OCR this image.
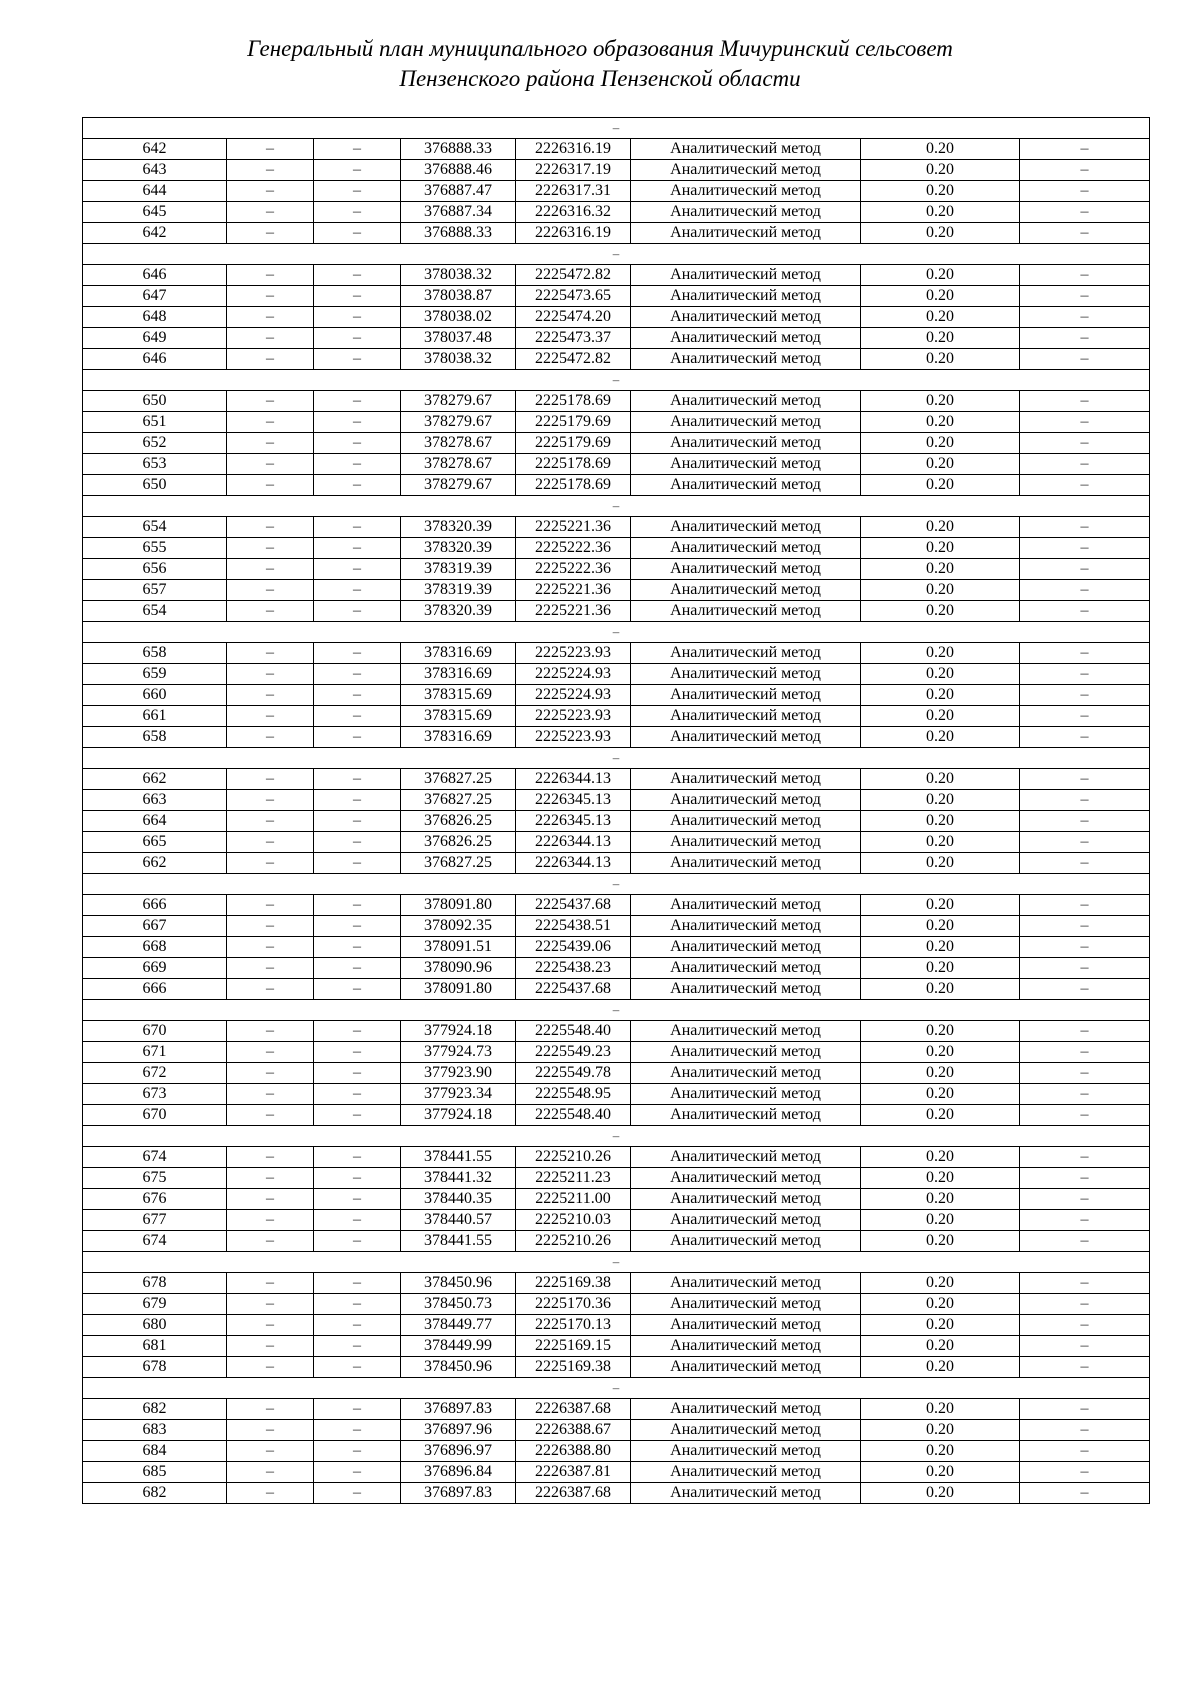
Генеральный план муниципального образования Мичуринский сельсовет
Пензенского района Пензенской области
–							
642	–	–	376888.33	2226316.19	Аналитический метод	0.20	–
643	–	–	376888.46	2226317.19	Аналитический метод	0.20	–
644	–	–	376887.47	2226317.31	Аналитический метод	0.20	–
645	–	–	376887.34	2226316.32	Аналитический метод	0.20	–
642	–	–	376888.33	2226316.19	Аналитический метод	0.20	–
–							
646	–	–	378038.32	2225472.82	Аналитический метод	0.20	–
647	–	–	378038.87	2225473.65	Аналитический метод	0.20	–
648	–	–	378038.02	2225474.20	Аналитический метод	0.20	–
649	–	–	378037.48	2225473.37	Аналитический метод	0.20	–
646	–	–	378038.32	2225472.82	Аналитический метод	0.20	–
–							
650	–	–	378279.67	2225178.69	Аналитический метод	0.20	–
651	–	–	378279.67	2225179.69	Аналитический метод	0.20	–
652	–	–	378278.67	2225179.69	Аналитический метод	0.20	–
653	–	–	378278.67	2225178.69	Аналитический метод	0.20	–
650	–	–	378279.67	2225178.69	Аналитический метод	0.20	–
–							
654	–	–	378320.39	2225221.36	Аналитический метод	0.20	–
655	–	–	378320.39	2225222.36	Аналитический метод	0.20	–
656	–	–	378319.39	2225222.36	Аналитический метод	0.20	–
657	–	–	378319.39	2225221.36	Аналитический метод	0.20	–
654	–	–	378320.39	2225221.36	Аналитический метод	0.20	–
–							
658	–	–	378316.69	2225223.93	Аналитический метод	0.20	–
659	–	–	378316.69	2225224.93	Аналитический метод	0.20	–
660	–	–	378315.69	2225224.93	Аналитический метод	0.20	–
661	–	–	378315.69	2225223.93	Аналитический метод	0.20	–
658	–	–	378316.69	2225223.93	Аналитический метод	0.20	–
–							
662	–	–	376827.25	2226344.13	Аналитический метод	0.20	–
663	–	–	376827.25	2226345.13	Аналитический метод	0.20	–
664	–	–	376826.25	2226345.13	Аналитический метод	0.20	–
665	–	–	376826.25	2226344.13	Аналитический метод	0.20	–
662	–	–	376827.25	2226344.13	Аналитический метод	0.20	–
–							
666	–	–	378091.80	2225437.68	Аналитический метод	0.20	–
667	–	–	378092.35	2225438.51	Аналитический метод	0.20	–
668	–	–	378091.51	2225439.06	Аналитический метод	0.20	–
669	–	–	378090.96	2225438.23	Аналитический метод	0.20	–
666	–	–	378091.80	2225437.68	Аналитический метод	0.20	–
–							
670	–	–	377924.18	2225548.40	Аналитический метод	0.20	–
671	–	–	377924.73	2225549.23	Аналитический метод	0.20	–
672	–	–	377923.90	2225549.78	Аналитический метод	0.20	–
673	–	–	377923.34	2225548.95	Аналитический метод	0.20	–
670	–	–	377924.18	2225548.40	Аналитический метод	0.20	–
–							
674	–	–	378441.55	2225210.26	Аналитический метод	0.20	–
675	–	–	378441.32	2225211.23	Аналитический метод	0.20	–
676	–	–	378440.35	2225211.00	Аналитический метод	0.20	–
677	–	–	378440.57	2225210.03	Аналитический метод	0.20	–
674	–	–	378441.55	2225210.26	Аналитический метод	0.20	–
–							
678	–	–	378450.96	2225169.38	Аналитический метод	0.20	–
679	–	–	378450.73	2225170.36	Аналитический метод	0.20	–
680	–	–	378449.77	2225170.13	Аналитический метод	0.20	–
681	–	–	378449.99	2225169.15	Аналитический метод	0.20	–
678	–	–	378450.96	2225169.38	Аналитический метод	0.20	–
–							
682	–	–	376897.83	2226387.68	Аналитический метод	0.20	–
683	–	–	376897.96	2226388.67	Аналитический метод	0.20	–
684	–	–	376896.97	2226388.80	Аналитический метод	0.20	–
685	–	–	376896.84	2226387.81	Аналитический метод	0.20	–
682	–	–	376897.83	2226387.68	Аналитический метод	0.20	–
